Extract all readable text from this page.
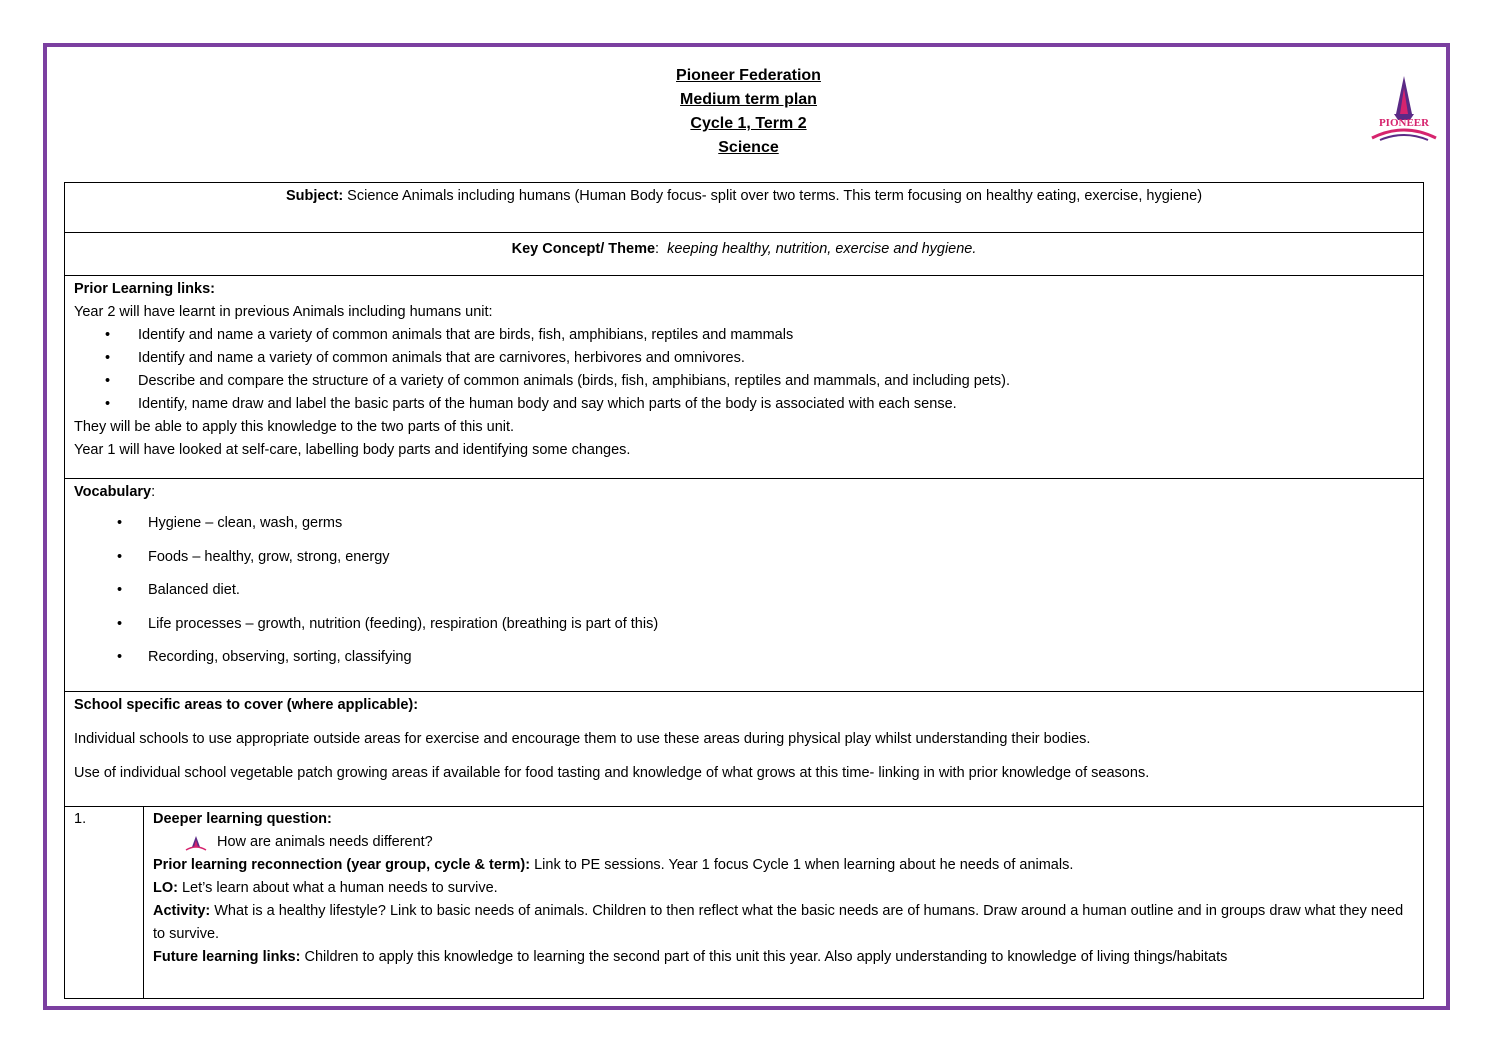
Pioneer Federation
Medium term plan
Cycle 1, Term 2
Science
PIONEER
Subject: Science Animals including humans (Human Body focus- split over two terms. This term focusing on healthy eating, exercise, hygiene)
Key Concept/ Theme:  keeping healthy, nutrition, exercise and hygiene.

Prior Learning links:
Year 2 will have learnt in previous Animals including humans unit:
• Identify and name a variety of common animals that are birds, fish, amphibians, reptiles and mammals
• Identify and name a variety of common animals that are carnivores, herbivores and omnivores.
• Describe and compare the structure of a variety of common animals (birds, fish, amphibians, reptiles and mammals, and including pets).
• Identify, name draw and label the basic parts of the human body and say which parts of the body is associated with each sense.
They will be able to apply this knowledge to the two parts of this unit.
Year 1 will have looked at self-care, labelling body parts and identifying some changes.

Vocabulary:
• Hygiene – clean, wash, germs
• Foods – healthy, grow, strong, energy
• Balanced diet.
• Life processes – growth, nutrition (feeding), respiration (breathing is part of this)
• Recording, observing, sorting, classifying

School specific areas to cover (where applicable):

Individual schools to use appropriate outside areas for exercise and encourage them to use these areas during physical play whilst understanding their bodies.

Use of individual school vegetable patch growing areas if available for food tasting and knowledge of what grows at this time- linking in with prior knowledge of seasons.

1.	Deeper learning question:
How are animals needs different?
Prior learning reconnection (year group, cycle & term): Link to PE sessions. Year 1 focus Cycle 1 when learning about he needs of animals.
LO: Let’s learn about what a human needs to survive.
Activity: What is a healthy lifestyle? Link to basic needs of animals. Children to then reflect what the basic needs are of humans. Draw around a human outline and in groups draw what they need to survive.
Future learning links: Children to apply this knowledge to learning the second part of this unit this year. Also apply understanding to knowledge of living things/habitats
